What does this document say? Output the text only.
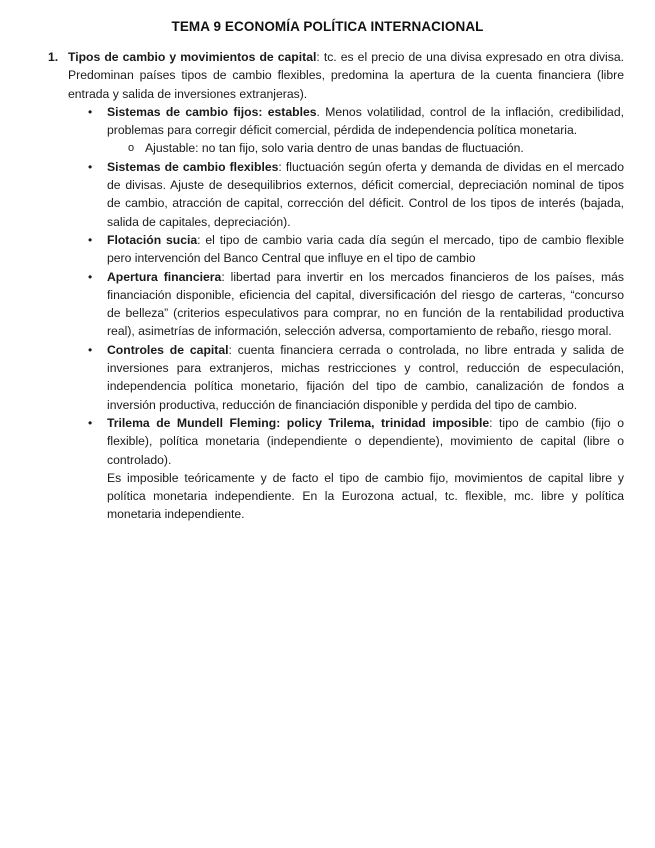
TEMA 9 ECONOMÍA POLÍTICA INTERNACIONAL
1. Tipos de cambio y movimientos de capital: tc. es el precio de una divisa expresado en otra divisa. Predominan países tipos de cambio flexibles, predomina la apertura de la cuenta financiera (libre entrada y salida de inversiones extranjeras).
• Sistemas de cambio fijos: estables. Menos volatilidad, control de la inflación, credibilidad, problemas para corregir déficit comercial, pérdida de independencia política monetaria.
o Ajustable: no tan fijo, solo varia dentro de unas bandas de fluctuación.
• Sistemas de cambio flexibles: fluctuación según oferta y demanda de dividas en el mercado de divisas. Ajuste de desequilibrios externos, déficit comercial, depreciación nominal de tipos de cambio, atracción de capital, corrección del déficit. Control de los tipos de interés (bajada, salida de capitales, depreciación).
• Flotación sucia: el tipo de cambio varia cada día según el mercado, tipo de cambio flexible pero intervención del Banco Central que influye en el tipo de cambio
• Apertura financiera: libertad para invertir en los mercados financieros de los países, más financiación disponible, eficiencia del capital, diversificación del riesgo de carteras, “concurso de belleza” (criterios especulativos para comprar, no en función de la rentabilidad productiva real), asimetrías de información, selección adversa, comportamiento de rebaño, riesgo moral.
• Controles de capital: cuenta financiera cerrada o controlada, no libre entrada y salida de inversiones para extranjeros, michas restricciones y control, reducción de especulación, independencia política monetario, fijación del tipo de cambio, canalización de fondos a inversión productiva, reducción de financiación disponible y perdida del tipo de cambio.
• Trilema de Mundell Fleming: policy Trilema, trinidad imposible: tipo de cambio (fijo o flexible), política monetaria (independiente o dependiente), movimiento de capital (libre o controlado).
Es imposible teóricamente y de facto el tipo de cambio fijo, movimientos de capital libre y política monetaria independiente. En la Eurozona actual, tc. flexible, mc. libre y política monetaria independiente.
